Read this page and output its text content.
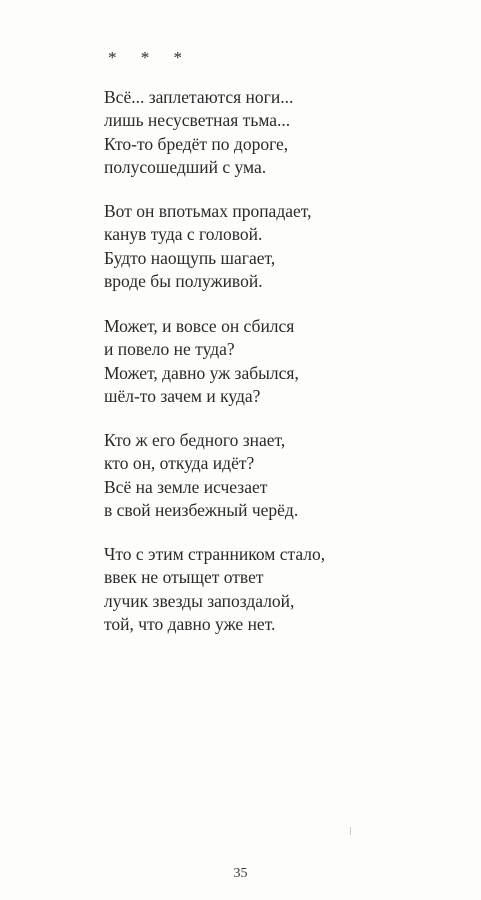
* * *
Всё... заплетаются ноги...
лишь несусветная тьма...
Кто-то бредёт по дороге,
полусошедший с ума.
Вот он впотьмах пропадает,
канув туда с головой.
Будто наощупь шагает,
вроде бы полуживой.
Может, и вовсе он сбился
и повело не туда?
Может, давно уж забылся,
шёл-то зачем и куда?
Кто ж его бедного знает,
кто он, откуда идёт?
Всё на земле исчезает
в свой неизбежный черёд.
Что с этим странником стало,
ввек не отыщет ответ
лучик звезды запоздалой,
той, что давно уже нет.
35
